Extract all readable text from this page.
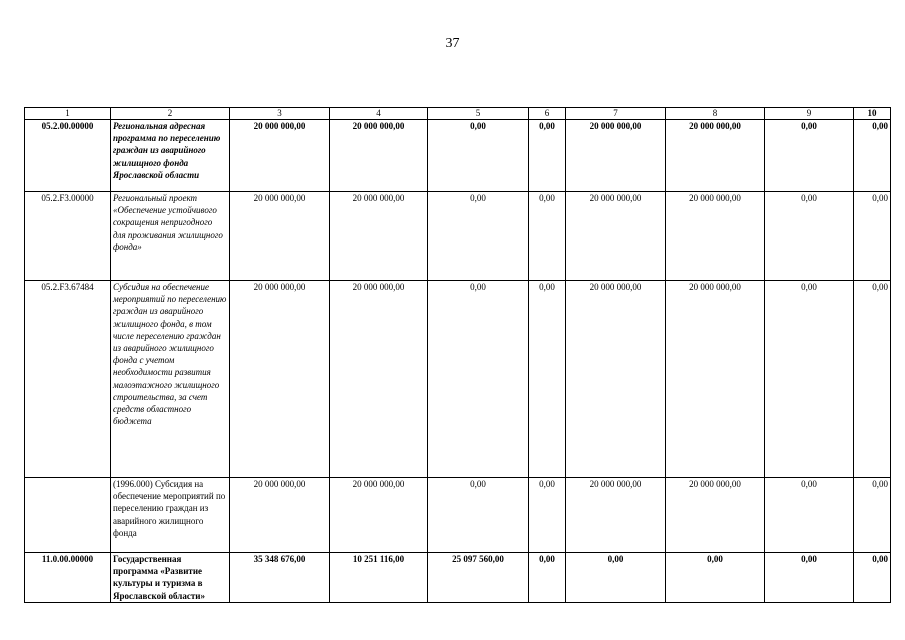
37
1	2	3	4	5	6	7	8	9	10
05.2.00.00000	Региональная адресная программа по переселению граждан из аварийного жилищного фонда Ярославской области	20 000 000,00	20 000 000,00	0,00	0,00	20 000 000,00	20 000 000,00	0,00	0,00
05.2.F3.00000	Региональный проект «Обеспечение устойчивого сокращения непригодного для проживания жилищного фонда»	20 000 000,00	20 000 000,00	0,00	0,00	20 000 000,00	20 000 000,00	0,00	0,00
05.2.F3.67484	Субсидия на обеспечение мероприятий по переселению граждан из аварийного жилищного фонда, в том числе переселению граждан из аварийного жилищного фонда с учетом необходимости развития малоэтажного жилищного строительства, за счет средств областного бюджета	20 000 000,00	20 000 000,00	0,00	0,00	20 000 000,00	20 000 000,00	0,00	0,00
	(1996.000) Субсидия на обеспечение мероприятий по переселению граждан из аварийного жилищного фонда	20 000 000,00	20 000 000,00	0,00	0,00	20 000 000,00	20 000 000,00	0,00	0,00
11.0.00.00000	Государственная программа «Развитие культуры и туризма в Ярославской области»	35 348 676,00	10 251 116,00	25 097 560,00	0,00	0,00	0,00	0,00	0,00
